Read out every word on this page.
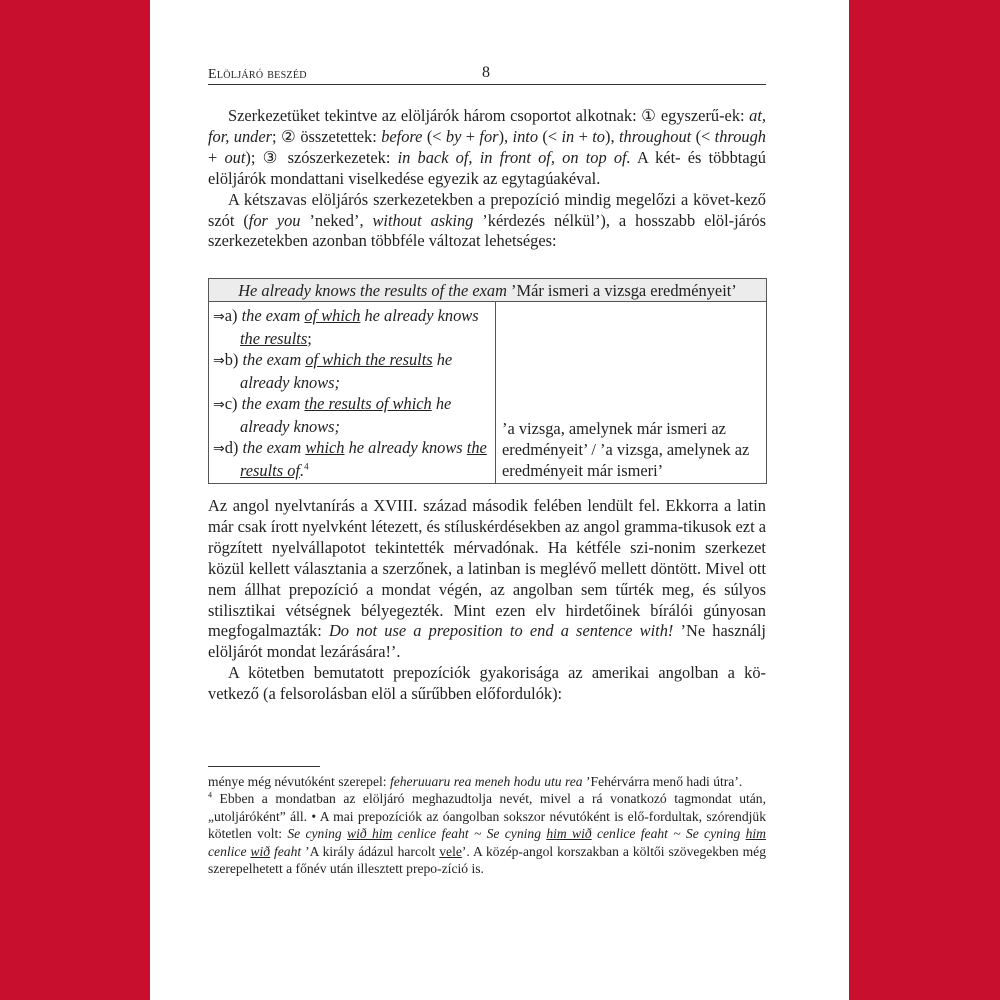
Elöljáró beszéd	8

Szerkezetüket tekintve az elöljárók három csoportot alkotnak: ① egyszerű-ek: at, for, under; ② összetettek: before (< by + for), into (< in + to), throughout (< through + out); ③ szószerkezetek: in back of, in front of, on top of. A két- és többtagú elöljárók mondattani viselkedése egyezik az egytagúakéval.

A kétszavas elöljárós szerkezetekben a prepozíció mindig megelőzi a követ-kező szót (for you ’neked’, without asking ’kérdezés nélkül’), a hosszabb elöl-járós szerkezetekben azonban többféle változat lehetséges:

He already knows the results of the exam ’Már ismeri a vizsga eredményeit’

⇒a) the exam of which he already knows the results;
⇒b) the exam of which the results he already knows;
⇒c) the exam the results of which he already knows;
⇒d) the exam which he already knows the results of.$^4$
	’a vizsga, amelynek már ismeri az eredményeit’ / ’a vizsga, amelynek az eredményeit már ismeri’

Az angol nyelvtanírás a XVIII. század második felében lendült fel. Ekkorra a latin már csak írott nyelvként létezett, és stíluskérdésekben az angol gramma-tikusok ezt a rögzített nyelvállapotot tekintették mérvadónak. Ha kétféle szi-nonim szerkezet közül kellett választania a szerzőnek, a latinban is meglévő mellett döntött. Mivel ott nem állhat prepozíció a mondat végén, az angolban sem tűrték meg, és súlyos stilisztikai vétségnek bélyegezték. Mint ezen elv hirdetőinek bírálói gúnyosan megfogalmazták: Do not use a preposition to end a sentence with! ’Ne használj elöljárót mondat lezárására!’.

A kötetben bemutatott prepozíciók gyakorisága az amerikai angolban a kö-vetkező (a felsorolásban elöl a sűrűbben előfordulók):

ménye még névutóként szerepel: feheruuaru rea meneh hodu utu rea ’Fehérvárra menő hadi útra’.

$^4$ Ebben a mondatban az elöljáró meghazudtolja nevét, mivel a rá vonatkozó tagmondat után, „utoljáróként” áll. • A mai prepozíciók az óangolban sokszor névutóként is elő-fordultak, szórendjük kötetlen volt: Se cyning wið him cenlice feaht ~ Se cyning him wið cenlice feaht ~ Se cyning him cenlice wið feaht ’A király ádázul harcolt vele’. A közép-angol korszakban a költői szövegekben még szerepelhetett a főnév után illesztett prepo-zíció is.
